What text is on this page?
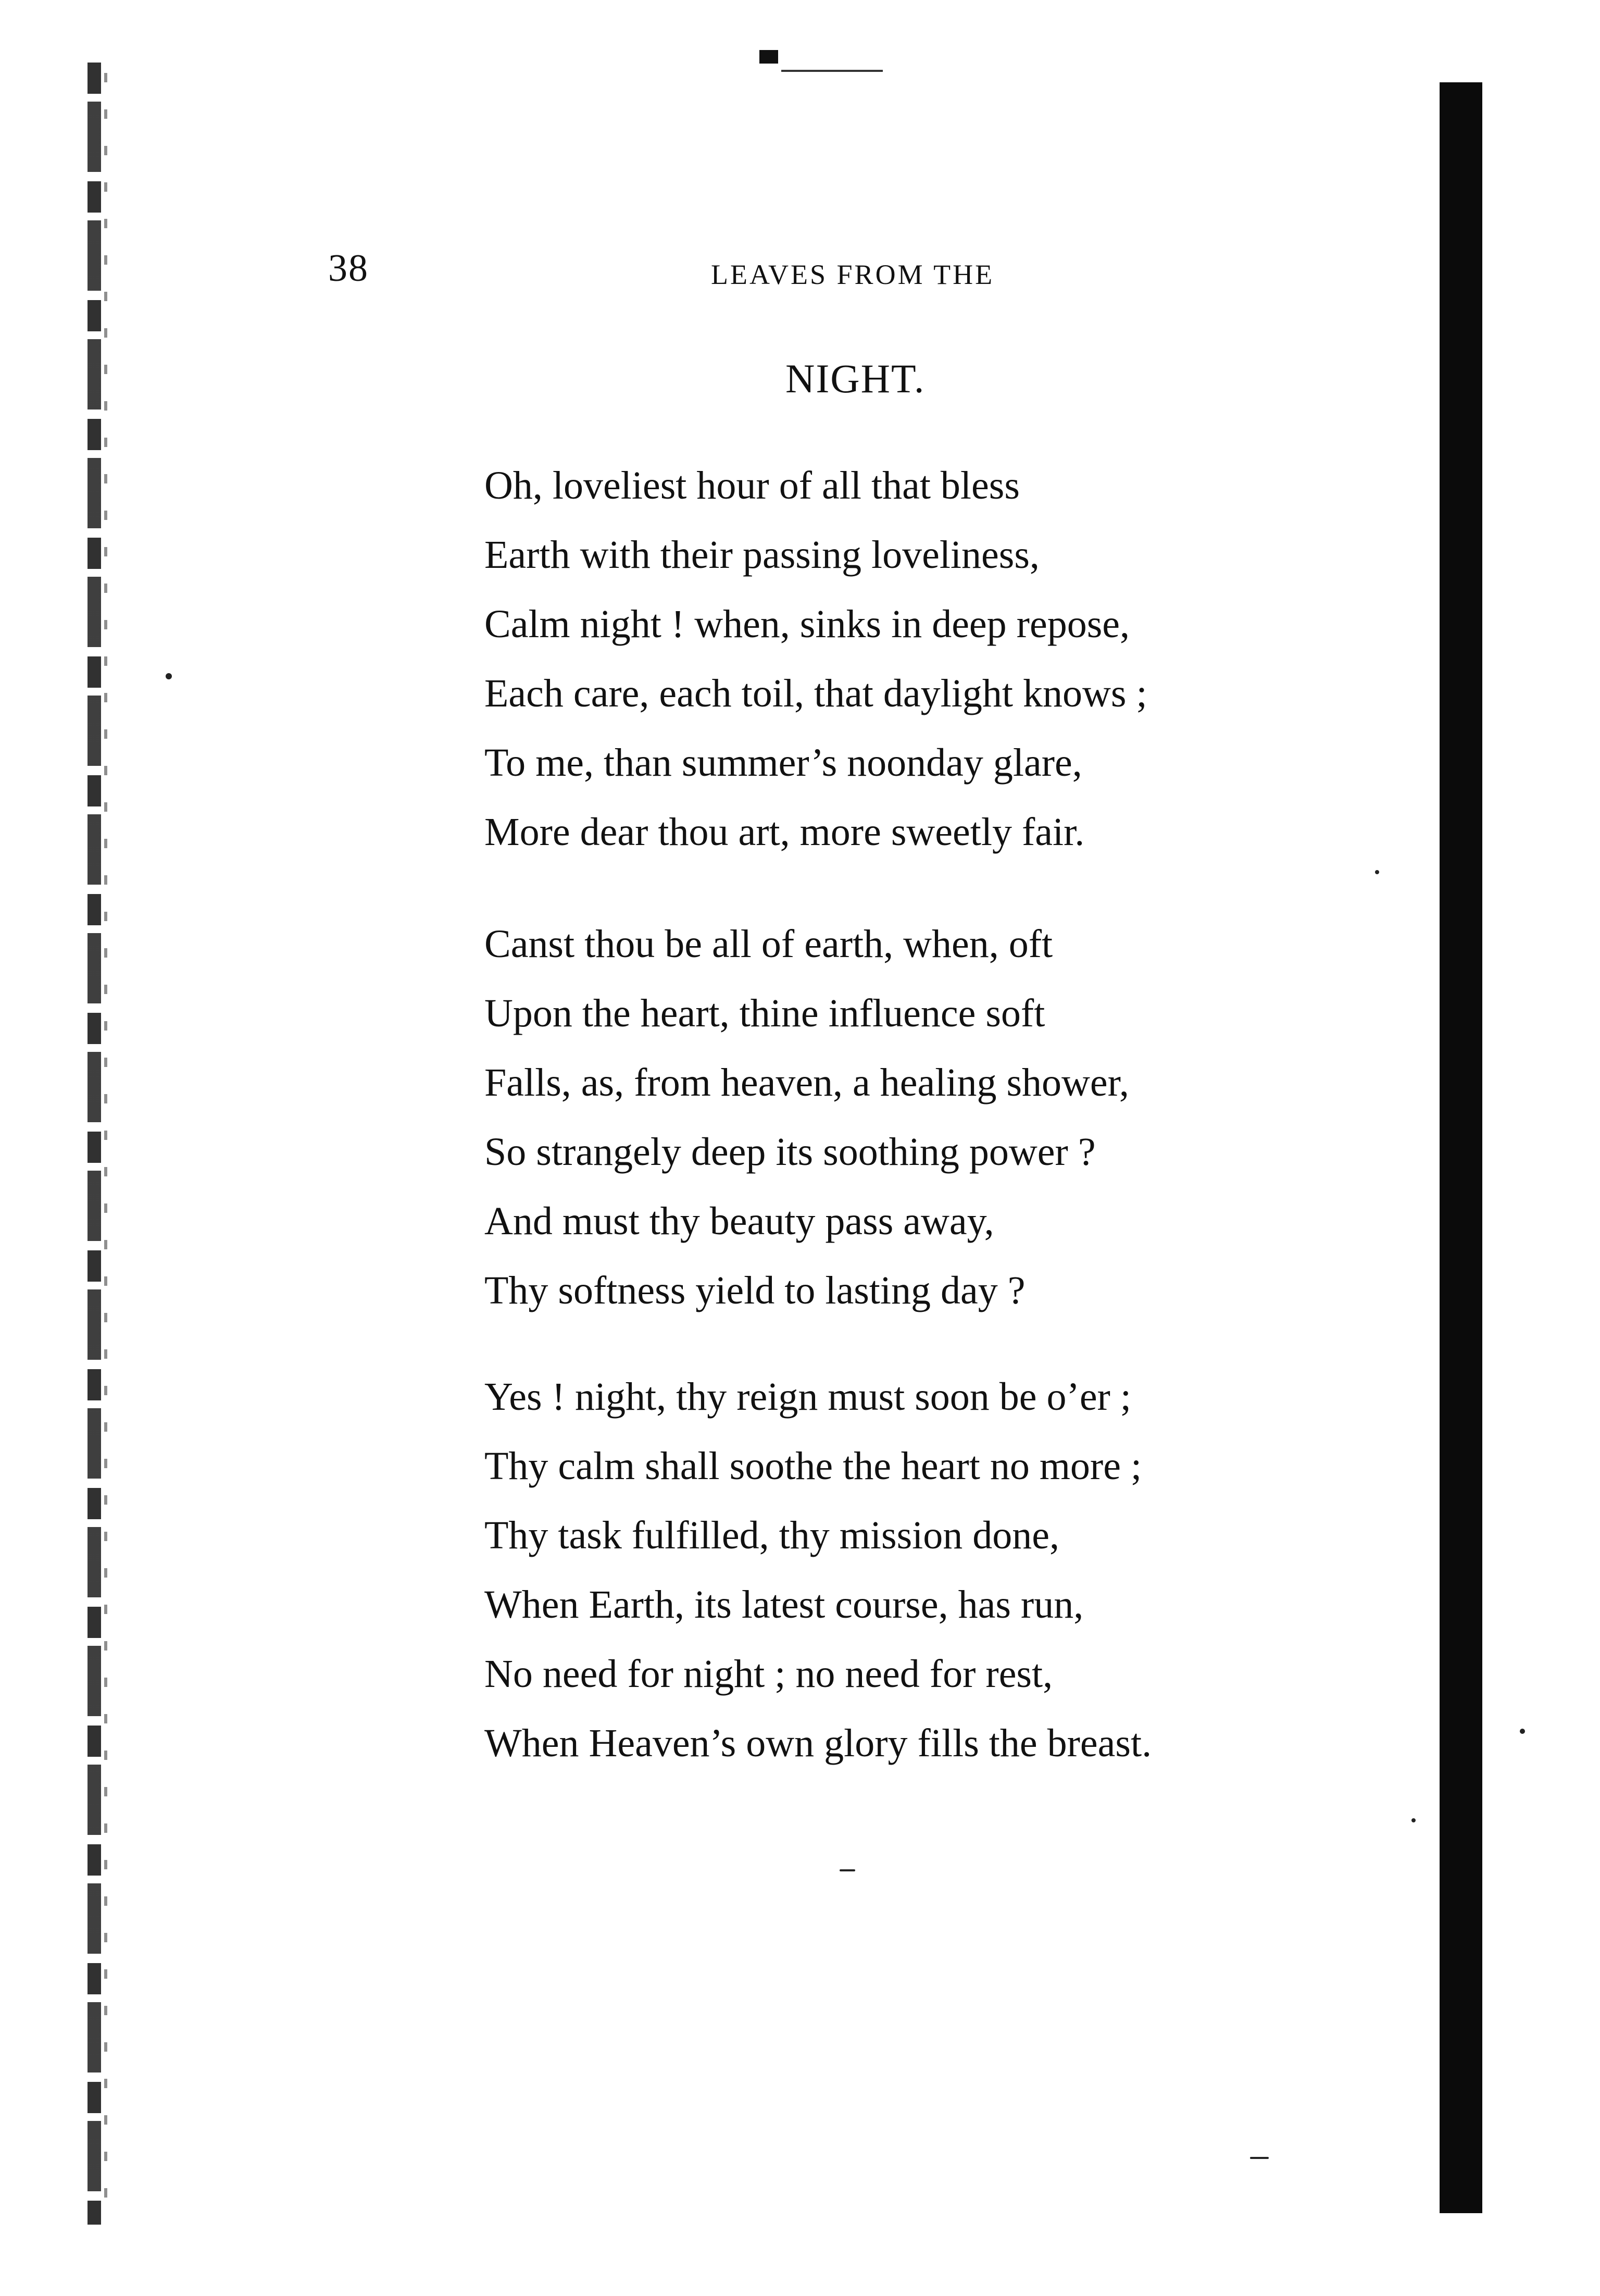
38	LEAVES FROM THE
NIGHT.
Oh, loveliest hour of all that bless
Earth with their passing loveliness,
Calm night ! when, sinks in deep repose,
Each care, each toil, that daylight knows ;
To me, than summer’s noonday glare,
More dear thou art, more sweetly fair.
Canst thou be all of earth, when, oft
Upon the heart, thine influence soft
Falls, as, from heaven, a healing shower,
So strangely deep its soothing power ?
And must thy beauty pass away,
Thy softness yield to lasting day ?
Yes ! night, thy reign must soon be o’er ;
Thy calm shall soothe the heart no more ;
Thy task fulfilled, thy mission done,
When Earth, its latest course, has run,
No need for night ; no need for rest,
When Heaven’s own glory fills the breast.
